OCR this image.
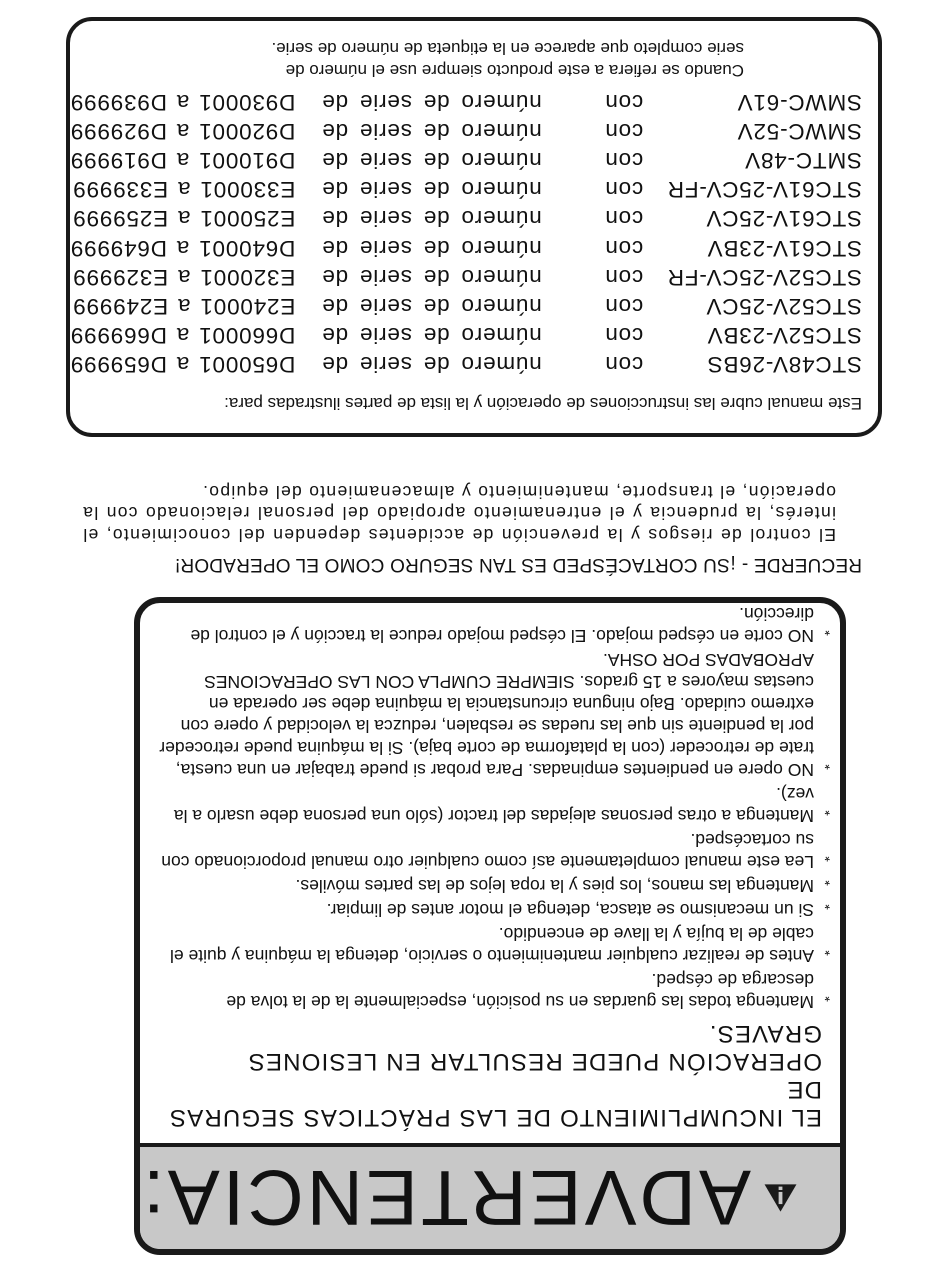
ADVERTENCIA:
EL INCUMPLIMIENTO DE LAS PRÁCTICAS SEGURAS DE
OPERACIÓN PUEDE RESULTAR EN LESIONES GRAVES.
*
Mantenga todas las guardas en su posición, especialmente la de la tolva de descarga de césped.
*
Antes de realizar cualquier mantenimiento o servicio, detenga la máquina y quite el cable de la bujía y la llave de encendido.
*
Si un mecanismo se atasca, detenga el motor antes de limpiar.
*
Mantenga las manos, los pies y la ropa lejos de las partes móviles.
*
Lea este manual completamente así como cualquier otro manual proporcionado con su cortacésped.
*
Mantenga a otras personas alejadas del tractor (sólo una persona debe usarlo a la vez).
*
NO opere en pendientes empinadas. Para probar si puede trabajar en una cuesta, trate de retroceder (con la plataforma de corte baja). Si la máquina puede retroceder por la pendiente sin que las ruedas se resbalen, reduzca la velocidad y opere con extremo cuidado. Bajo ninguna circunstancia la máquina debe ser operada en cuestas mayores a 15 grados. SIEMPRE CUMPLA CON LAS OPERACIONES APROBADAS POR OSHA.
*
NO corte en césped mojado. El césped mojado reduce la tracción y el control de dirección.

RECUERDE - ¡SU CORTACÉSPED ES TAN SEGURO COMO EL OPERADOR!

El control de riesgos y la prevención de accidentes dependen del conocimiento, el interés, la prudencia y el entrenamiento apropiado del personal relacionado con la operación, el transporte, mantenimiento y almacenamiento del equipo.

Este manual cubre las instrucciones de operación y la lista de partes ilustradas para:

STC48V-26BS	con	número de serie de	D650001 a D659999
STC52V-23BV	con	número de serie de	D660001 a D669999
STC52V-25CV	con	número de serie de	E240001 a E249999
STC52V-25CV-FR	con	número de serie de	E320001 a E329999
STC61V-23BV	con	número de serie de	D640001 a D649999
STC61V-25CV	con	número de serie de	E250001 a E259999
STC61V-25CV-FR	con	número de serie de	E330001 a E339999
SMTC-48V	con	número de serie de	D910001 a D919999
SMWC-52V	con	número de serie de	D920001 a D929999
SMWC-61V	con	número de serie de	D930001 a D939999

Cuando se refiera a este producto siempre use el número de
serie completo que aparece en la etiqueta de número de serie.
